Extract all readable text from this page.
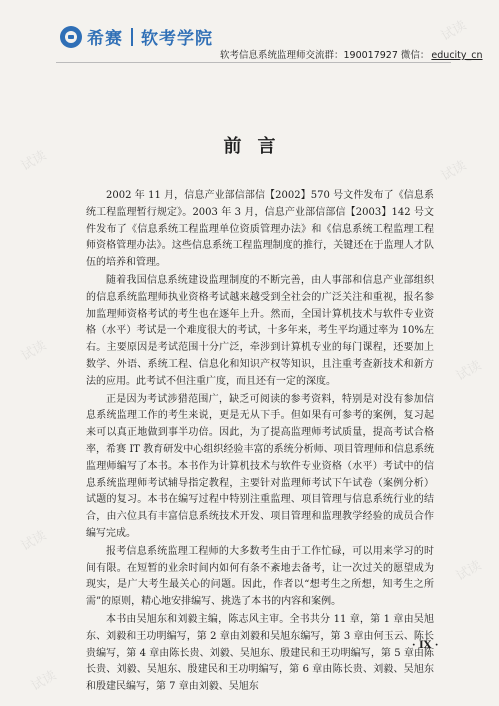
希赛 软考学院
软考信息系统监理师交流群：190017927 微信： educity_cn
前言

2002 年 11 月，信息产业部信部信【2002】570 号文件发布了《信息系统工程监理暂行规定》。2003 年 3 月，信息产业部信部信【2003】142 号文件发布了《信息系统工程监理单位资质管理办法》和《信息系统工程监理工程师资格管理办法》。这些信息系统工程监理制度的推行，关键还在于监理人才队伍的培养和管理。

随着我国信息系统建设监理制度的不断完善，由人事部和信息产业部组织的信息系统监理师执业资格考试越来越受到全社会的广泛关注和重视，报名参加监理师资格考试的考生也在逐年上升。然而，全国计算机技术与软件专业资格（水平）考试是一个难度很大的考试，十多年来，考生平均通过率为 10%左右。主要原因是考试范围十分广泛，牵涉到计算机专业的每门课程，还要加上数学、外语、系统工程、信息化和知识产权等知识，且注重考查新技术和新方法的应用。此考试不但注重广度，而且还有一定的深度。

正是因为考试涉猎范围广，缺乏可阅读的参考资料，特别是对没有参加信息系统监理工作的考生来说，更是无从下手。但如果有可参考的案例，复习起来可以真正地做到事半功倍。因此，为了提高监理师考试质量，提高考试合格率，希赛 IT 教育研发中心组织经验丰富的系统分析师、项目管理师和信息系统监理师编写了本书。本书作为计算机技术与软件专业资格（水平）考试中的信息系统监理师考试辅导指定教程，主要针对监理师考试下午试卷（案例分析）试题的复习。本书在编写过程中特别注重监理、项目管理与信息系统行业的结合，由六位具有丰富信息系统技术开发、项目管理和监理教学经验的成员合作编写完成。

报考信息系统监理工程师的大多数考生由于工作忙碌，可以用来学习的时间有限。在短暂的业余时间内如何有条不紊地去备考，让一次过关的愿望成为现实，是广大考生最关心的问题。因此，作者以“想考生之所想，知考生之所需”的原则，精心地安排编写、挑选了本书的内容和案例。

本书由吴旭东和刘毅主编，陈志风主审。全书共分 11 章，第 1 章由吴旭东、刘毅和王功明编写，第 2 章由刘毅和吴旭东编写，第 3 章由何玉云、陈长贵编写，第 4 章由陈长贵、刘毅、吴旭东、殷建民和王功明编写，第 5 章由陈长贵、刘毅、吴旭东、殷建民和王功明编写，第 6 章由陈长贵、刘毅、吴旭东和殷建民编写，第 7 章由刘毅、吴旭东

· IX ·
试读
试读	试读
试读
试读
试读
试读
试读
